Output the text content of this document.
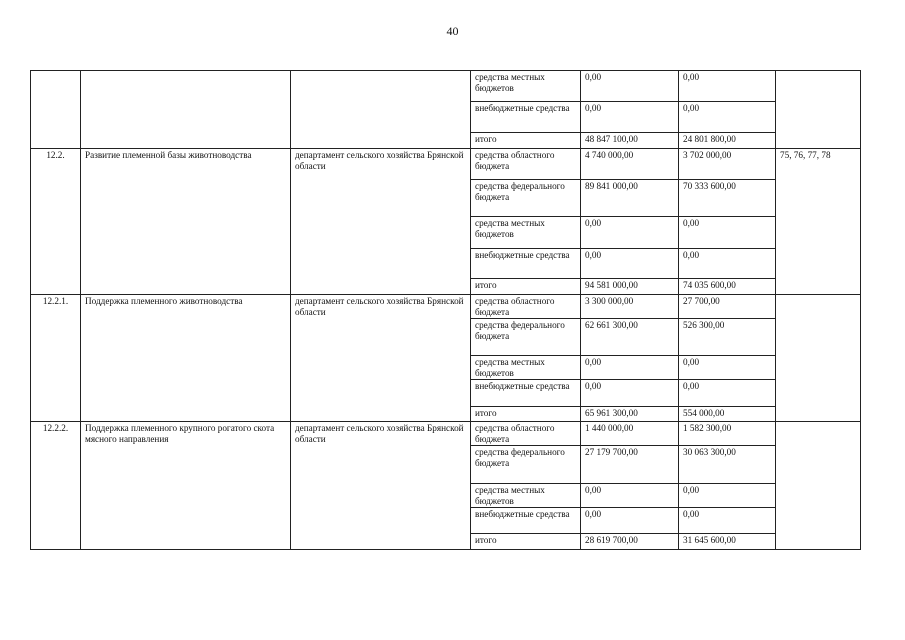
40
			средства местных бюджетов	0,00	0,00	
			внебюджетные средства	0,00	0,00	
			итого	48 847 100,00	24 801 800,00	
12.2.	Развитие племенной базы животноводства	департамент сельского хозяйства Брянской области	средства областного бюджета	4 740 000,00	3 702 000,00	75, 76, 77, 78
			средства федерального бюджета	89 841 000,00	70 333 600,00	
			средства местных бюджетов	0,00	0,00	
			внебюджетные средства	0,00	0,00	
			итого	94 581 000,00	74 035 600,00	
12.2.1.	Поддержка племенного животноводства	департамент сельского хозяйства Брянской области	средства областного бюджета	3 300 000,00	27 700,00	
			средства федерального бюджета	62 661 300,00	526 300,00	
			средства местных бюджетов	0,00	0,00	
			внебюджетные средства	0,00	0,00	
			итого	65 961 300,00	554 000,00	
12.2.2.	Поддержка племенного крупного рогатого скота мясного направления	департамент сельского хозяйства Брянской области	средства областного бюджета	1 440 000,00	1 582 300,00	
			средства федерального бюджета	27 179 700,00	30 063 300,00	
			средства местных бюджетов	0,00	0,00	
			внебюджетные средства	0,00	0,00	
			итого	28 619 700,00	31 645 600,00	
